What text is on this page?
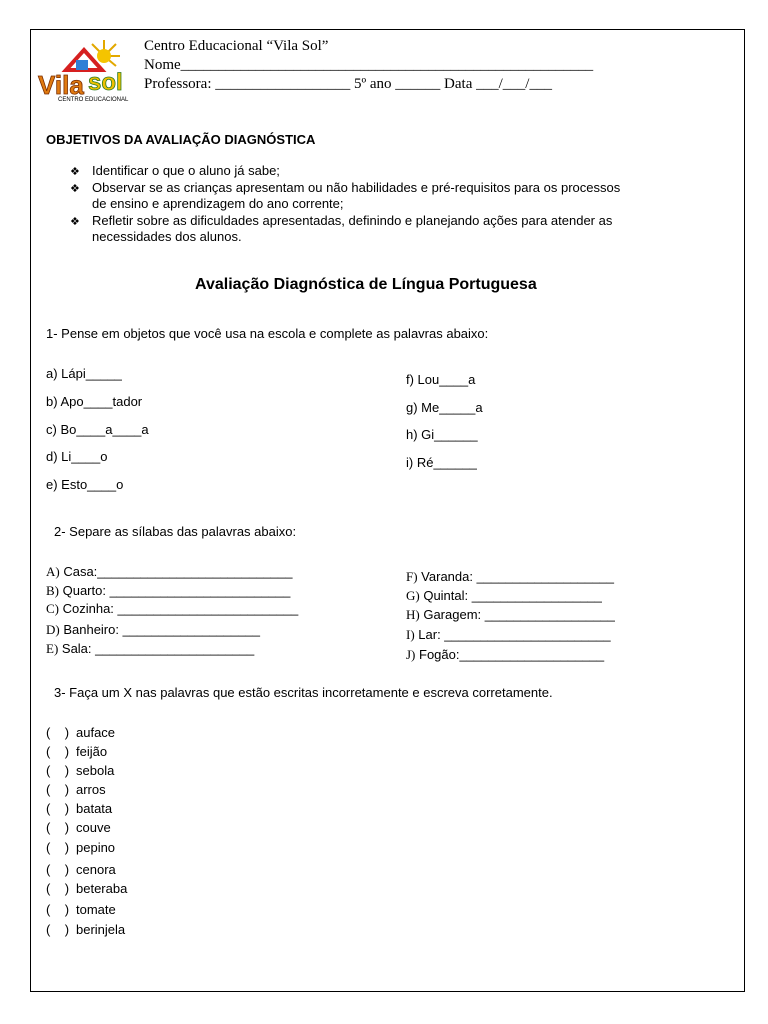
Vila sol
CENTRO EDUCACIONAL
Centro Educacional “Vila Sol”
Nome_______________________________________________________
Professora: __________________ 5º ano ______ Data ___/___/___
OBJETIVOS DA AVALIAÇÃO DIAGNÓSTICA
❖ Identificar o que o aluno já sabe;
❖ Observar se as crianças apresentam ou não habilidades e pré-requisitos para os processos
de ensino e aprendizagem do ano corrente;
❖ Refletir sobre as dificuldades apresentadas, definindo e planejando ações para atender as
necessidades dos alunos.
Avaliação Diagnóstica de Língua Portuguesa
1- Pense em objetos que você usa na escola e complete as palavras abaixo:
a) Lápi_____
b) Apo____tador
c) Bo____a____a
d) Li____o
e) Esto____o
f) Lou____a
g) Me_____a
h) Gi______
i) Ré______
2- Separe as sílabas das palavras abaixo:
A) Casa:___________________________
B) Quarto: _________________________
C) Cozinha: _________________________
D) Banheiro: ___________________
E) Sala: ______________________
F) Varanda: ___________________
G) Quintal: __________________
H) Garagem: __________________
I) Lar: _______________________
J) Fogão:____________________
3- Faça um X nas palavras que estão escritas incorretamente e escreva corretamente.
(    ) auface
(    ) feijão
(    ) sebola
(    ) arros
(    ) batata
(    ) couve
(    ) pepino
(    ) cenora
(    ) beteraba
(    ) tomate
(    ) berinjela
